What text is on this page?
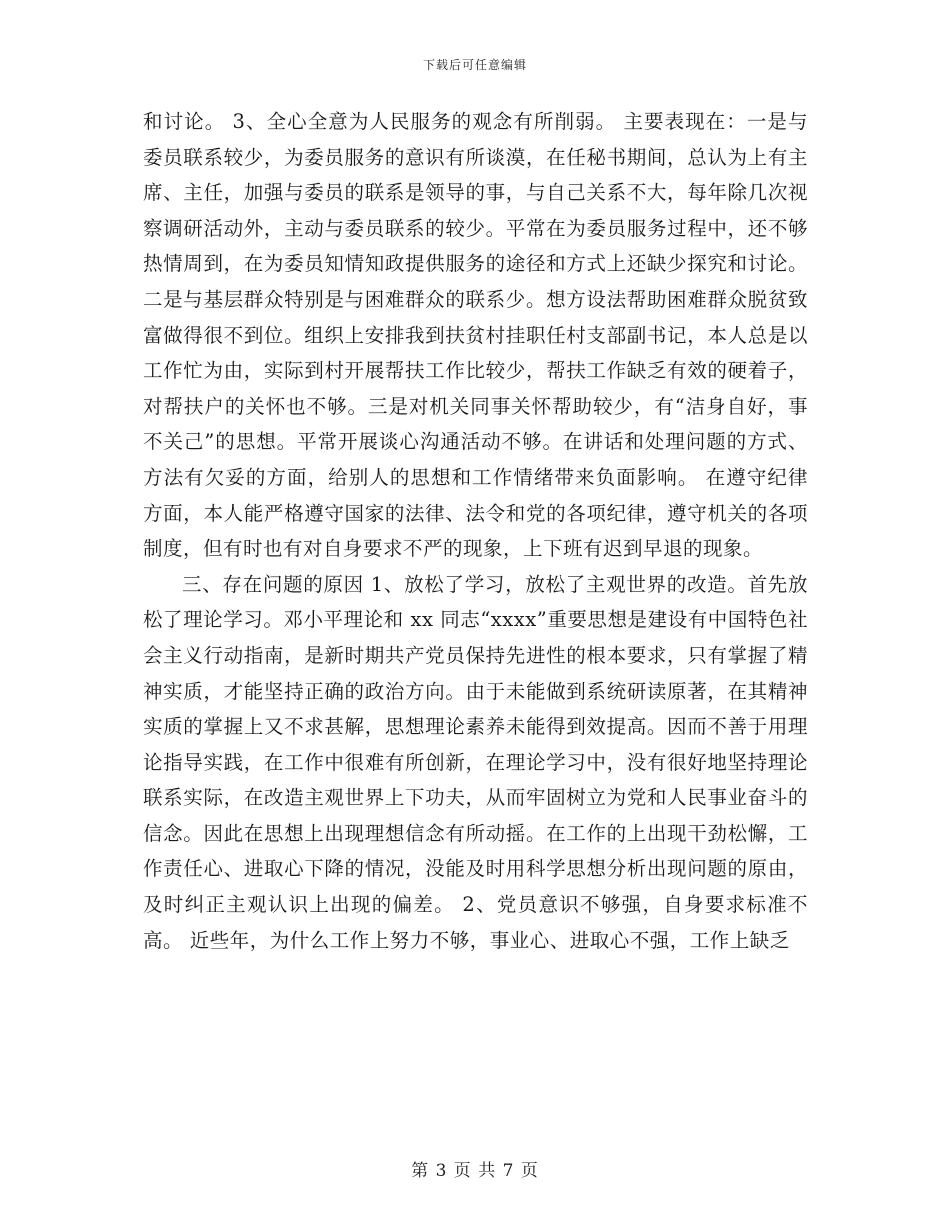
下载后可任意编辑

和讨论。 3、全心全意为人民服务的观念有所削弱。 主要表现在：一是与委员联系较少，为委员服务的意识有所谈漠，在任秘书期间，总认为上有主席、主任，加强与委员的联系是领导的事，与自己关系不大，每年除几次视察调研活动外，主动与委员联系的较少。平常在为委员服务过程中，还不够热情周到，在为委员知情知政提供服务的途径和方式上还缺少探究和讨论。二是与基层群众特别是与困难群众的联系少。想方设法帮助困难群众脱贫致富做得很不到位。组织上安排我到扶贫村挂职任村支部副书记，本人总是以工作忙为由，实际到村开展帮扶工作比较少，帮扶工作缺乏有效的硬着子，对帮扶户的关怀也不够。三是对机关同事关怀帮助较少，有“洁身自好，事不关己”的思想。平常开展谈心沟通活动不够。在讲话和处理问题的方式、方法有欠妥的方面，给别人的思想和工作情绪带来负面影响。 在遵守纪律方面，本人能严格遵守国家的法律、法令和党的各项纪律，遵守机关的各项制度，但有时也有对自身要求不严的现象，上下班有迟到早退的现象。

三、存在问题的原因 1、放松了学习，放松了主观世界的改造。首先放松了理论学习。邓小平理论和 xx 同志“xxxx”重要思想是建设有中国特色社会主义行动指南，是新时期共产党员保持先进性的根本要求，只有掌握了精神实质，才能坚持正确的政治方向。由于未能做到系统研读原著，在其精神实质的掌握上又不求甚解，思想理论素养未能得到效提高。因而不善于用理论指导实践，在工作中很难有所创新，在理论学习中，没有很好地坚持理论联系实际，在改造主观世界上下功夫，从而牢固树立为党和人民事业奋斗的信念。因此在思想上出现理想信念有所动摇。在工作的上出现干劲松懈，工作责任心、进取心下降的情况，没能及时用科学思想分析出现问题的原由，及时纠正主观认识上出现的偏差。 2、党员意识不够强，自身要求标准不高。 近些年，为什么工作上努力不够，事业心、进取心不强，工作上缺乏

第 3 页 共 7 页
